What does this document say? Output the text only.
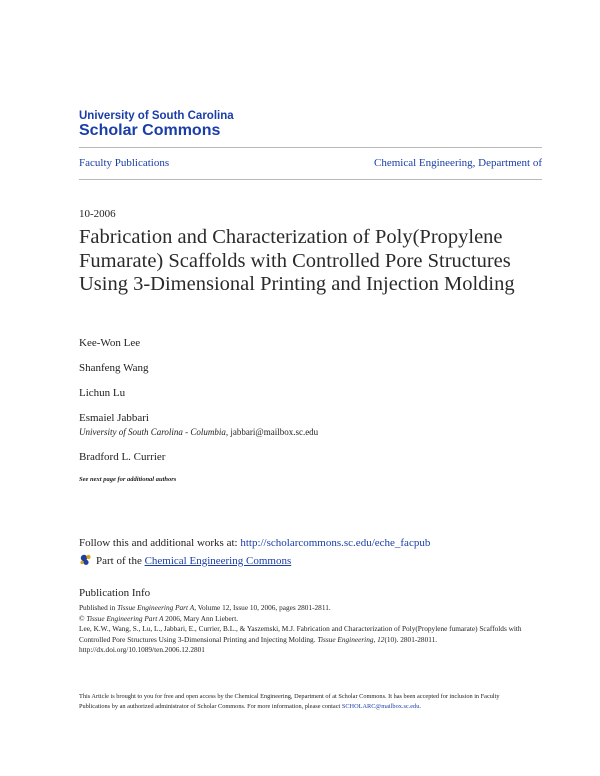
University of South Carolina
Scholar Commons
Faculty Publications	Chemical Engineering, Department of
10-2006
Fabrication and Characterization of Poly(Propylene Fumarate) Scaffolds with Controlled Pore Structures Using 3-Dimensional Printing and Injection Molding
Kee-Won Lee
Shanfeng Wang
Lichun Lu
Esmaiel Jabbari
University of South Carolina - Columbia, jabbari@mailbox.sc.edu
Bradford L. Currier
See next page for additional authors
Follow this and additional works at: http://scholarcommons.sc.edu/eche_facpub
Part of the Chemical Engineering Commons
Publication Info

Published in Tissue Engineering Part A, Volume 12, Issue 10, 2006, pages 2801-2811.

© Tissue Engineering Part A 2006, Mary Ann Liebert.

Lee, K.W., Wang, S., Lu, L., Jabbari, E., Currier, B.L., & Yaszemski, M.J. Fabrication and Characterization of Poly(Propylene fumarate) Scaffolds with Controlled Pore Structures Using 3-Dimensional Printing and Injecting Molding. Tissue Engineering, 12(10). 2801-28011.

http://dx.doi.org/10.1089/ten.2006.12.2801

This Article is brought to you for free and open access by the Chemical Engineering, Department of at Scholar Commons. It has been accepted for inclusion in Faculty Publications by an authorized administrator of Scholar Commons. For more information, please contact SCHOLARC@mailbox.sc.edu.
